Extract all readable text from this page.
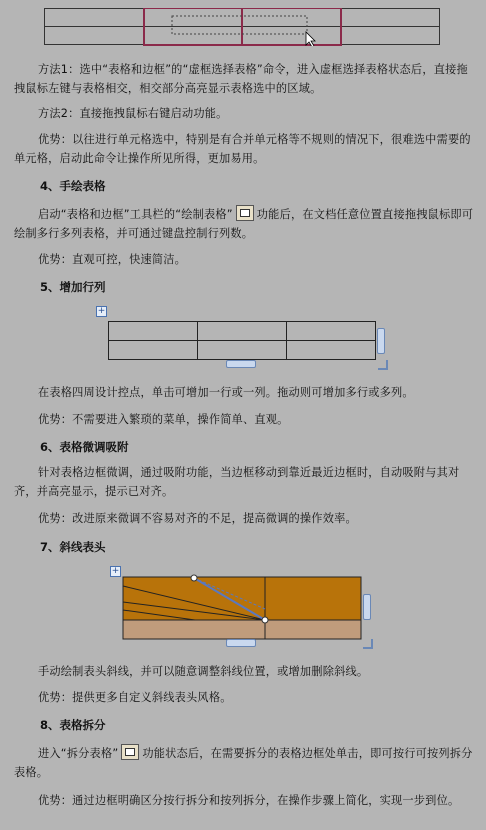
方法1：选中“表格和边框”的“虚框选择表格”命令，进入虚框选择表格状态后，直接拖拽鼠标左键与表格相交，相交部分高亮显示表格选中的区域。

方法2：直接拖拽鼠标右键启动功能。

优势：以往进行单元格选中，特别是有合并单元格等不规则的情况下，很难选中需要的单元格，启动此命令让操作所见所得，更加易用。

4、手绘表格

启动“表格和边框”工具栏的“绘制表格” 功能后，在文档任意位置直接拖拽鼠标即可绘制多行多列表格，并可通过键盘控制行列数。

优势：直观可控，快速简洁。

5、增加行列

+

在表格四周设计控点，单击可增加一行或一列。拖动则可增加多行或多列。

优势：不需要进入繁琐的菜单，操作简单、直观。

6、表格微调吸附

针对表格边框微调，通过吸附功能，当边框移动到靠近最近边框时，自动吸附与其对齐，并高亮显示，提示已对齐。

优势：改进原来微调不容易对齐的不足，提高微调的操作效率。

7、斜线表头

+

手动绘制表头斜线，并可以随意调整斜线位置，或增加删除斜线。

优势：提供更多自定义斜线表头风格。

8、表格拆分

进入“拆分表格” 功能状态后，在需要拆分的表格边框处单击，即可按行可按列拆分表格。

优势：通过边框明确区分按行拆分和按列拆分，在操作步骤上简化，实现一步到位。
